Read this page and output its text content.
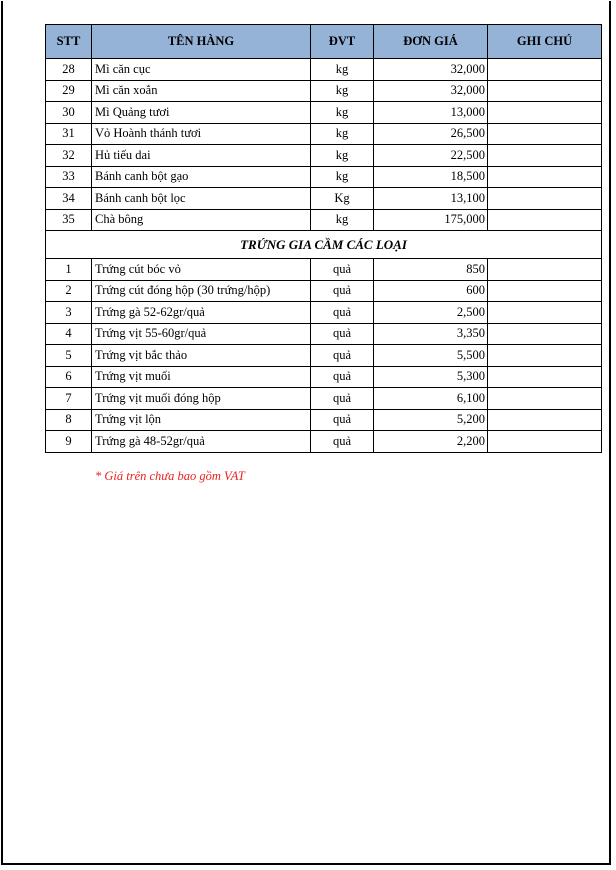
STT	TÊN HÀNG	ĐVT	ĐƠN GIÁ	GHI CHÚ
28	Mì căn cục	kg	32,000	
29	Mì căn xoắn	kg	32,000	
30	Mì Quảng tươi	kg	13,000	
31	Vỏ Hoành thánh tươi	kg	26,500	
32	Hủ tiếu dai	kg	22,500	
33	Bánh canh bột gạo	kg	18,500	
34	Bánh canh bột lọc	Kg	13,100	
35	Chà bông	kg	175,000	
TRỨNG GIA CẦM CÁC LOẠI				
1	Trứng cút bóc vỏ	quả	850	
2	Trứng cút đóng hộp (30 trứng/hộp)	quả	600	
3	Trứng gà 52-62gr/quả	quả	2,500	
4	Trứng vịt 55-60gr/quả	quả	3,350	
5	Trứng vịt bắc thảo	quả	5,500	
6	Trứng vịt muối	quả	5,300	
7	Trứng vịt muối đóng hộp	quả	6,100	
8	Trứng vịt lộn	quả	5,200	
9	Trứng gà 48-52gr/quả	quả	2,200	
* Giá trên chưa bao gồm VAT
